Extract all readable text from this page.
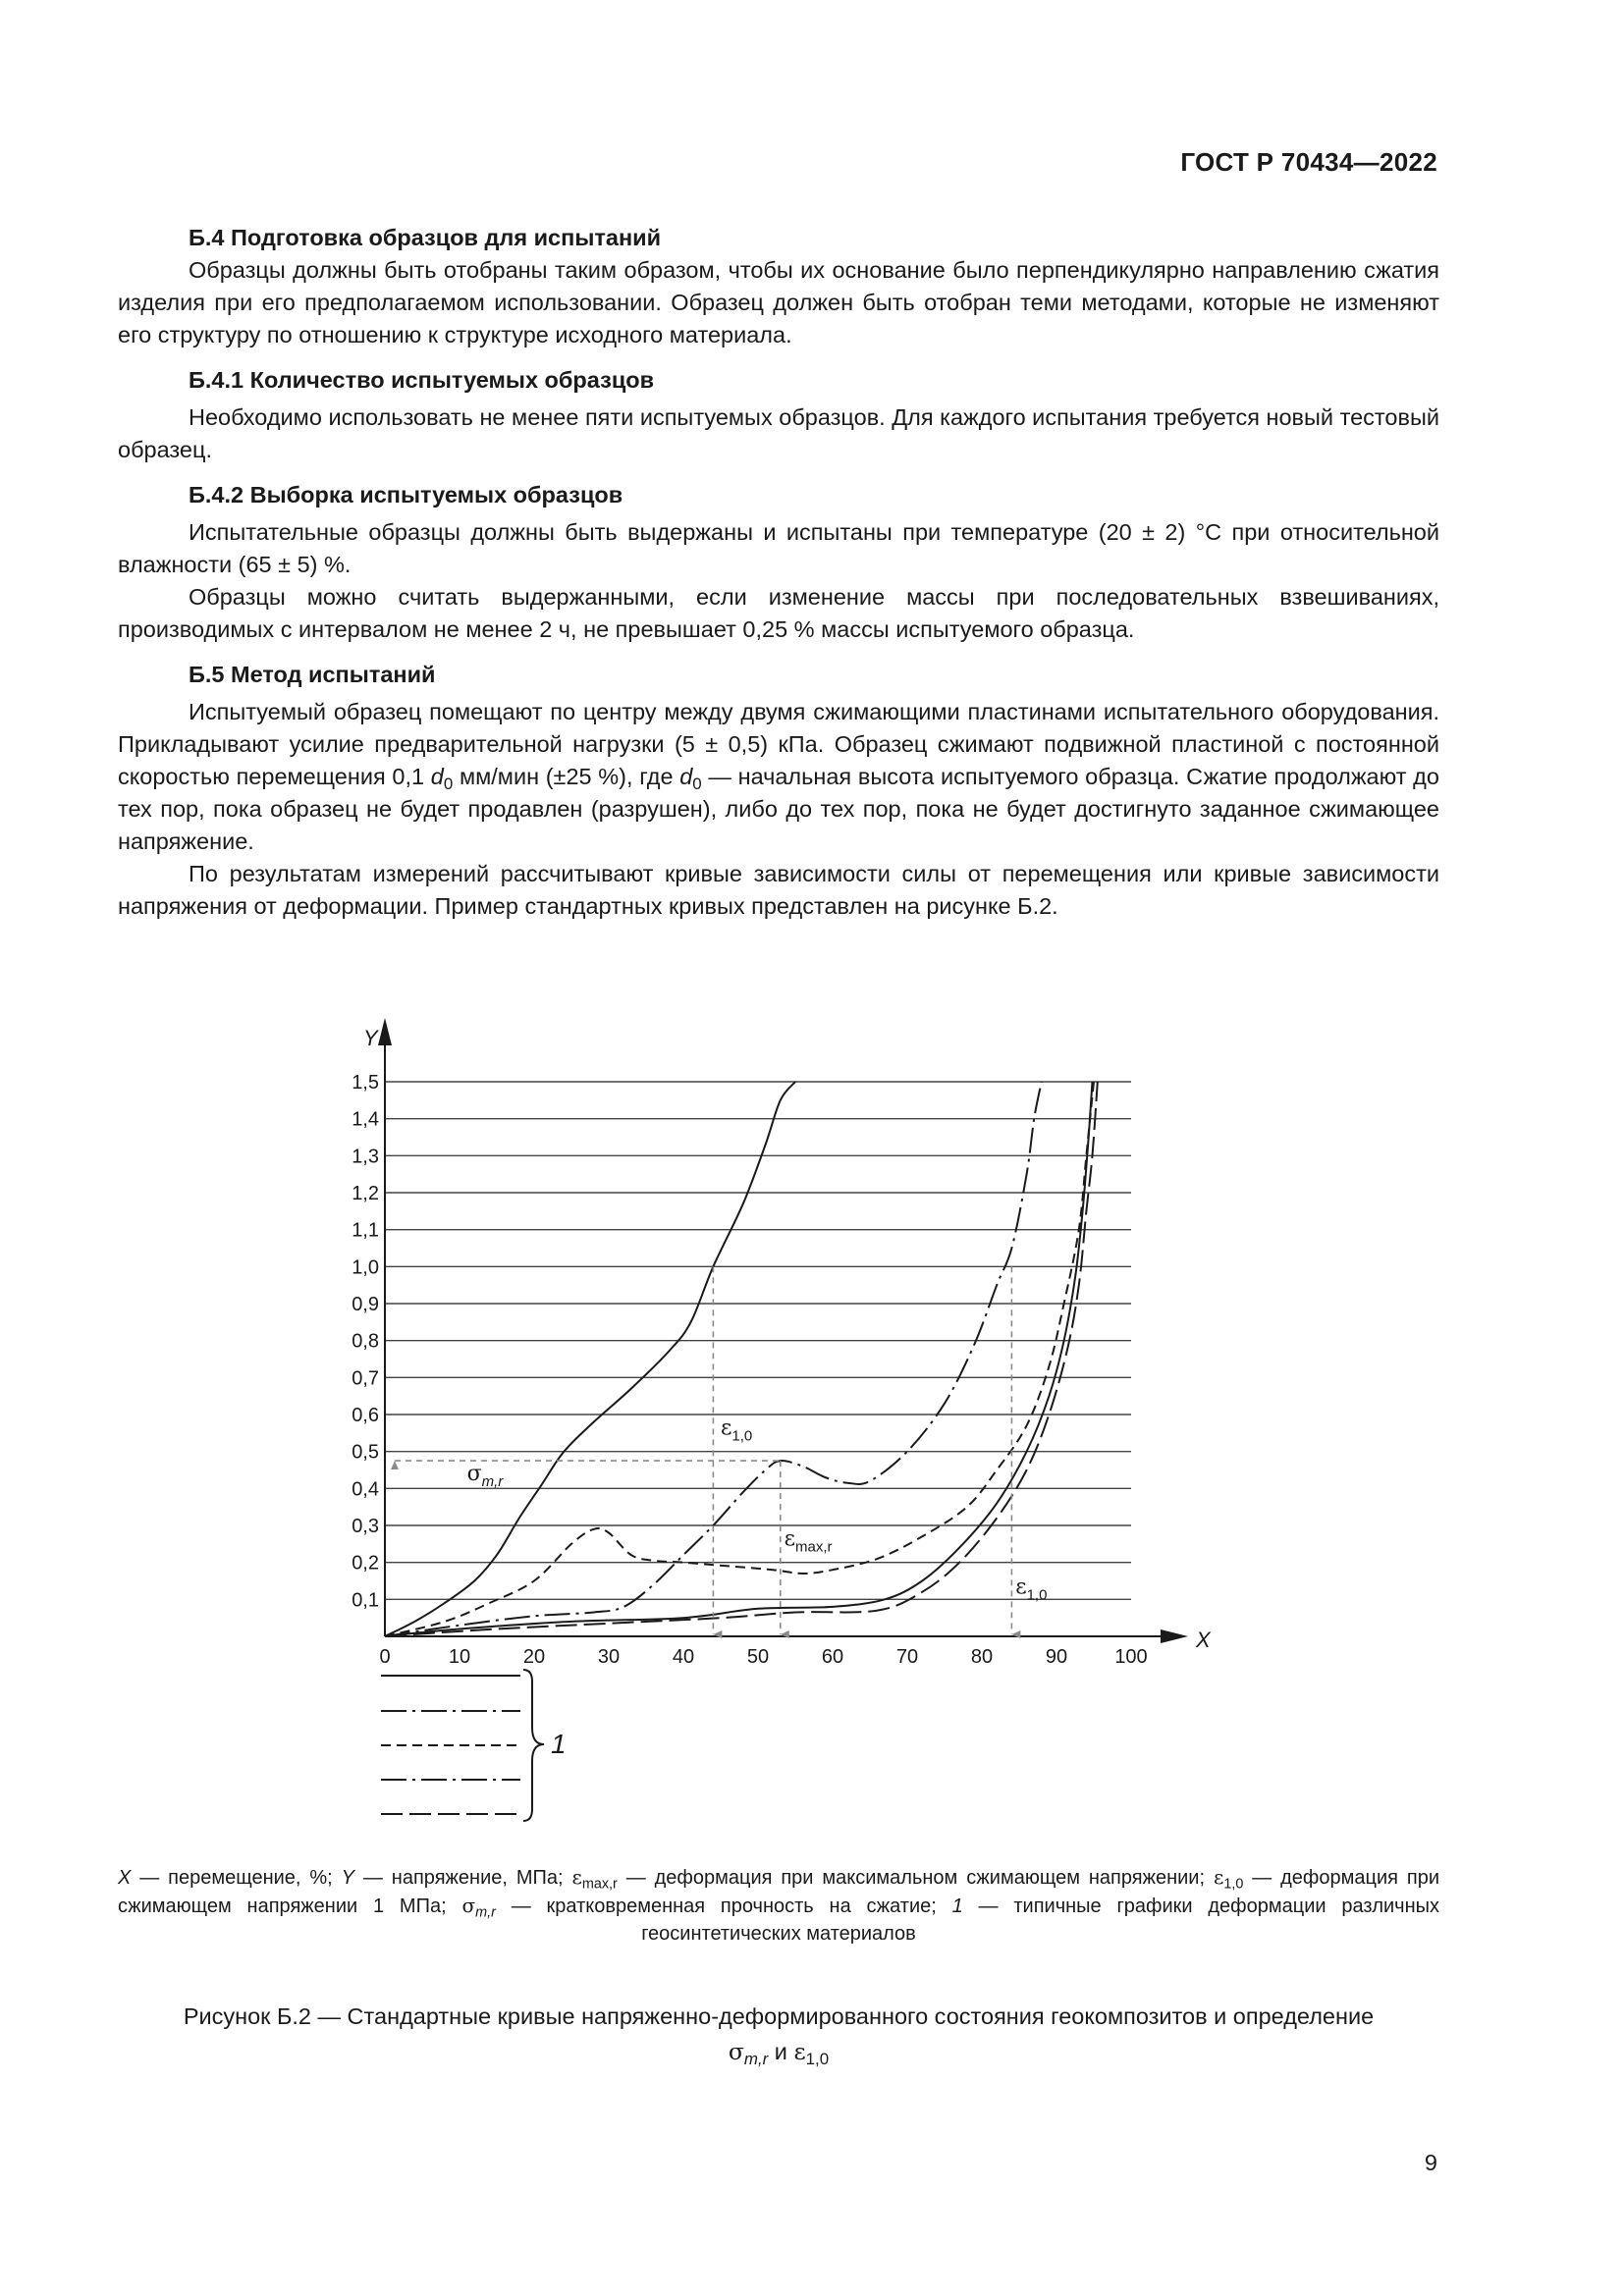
ГОСТ Р 70434—2022
Б.4 Подготовка образцов для испытаний

Образцы должны быть отобраны таким образом, чтобы их основание было перпендикулярно направлению сжатия изделия при его предполагаемом использовании. Образец должен быть отобран теми методами, которые не изменяют его структуру по отношению к структуре исходного материала.

Б.4.1 Количество испытуемых образцов

Необходимо использовать не менее пяти испытуемых образцов. Для каждого испытания требуется новый тестовый образец.

Б.4.2 Выборка испытуемых образцов

Испытательные образцы должны быть выдержаны и испытаны при температуре (20 ± 2) °С при относительной влажности (65 ± 5) %.

Образцы можно считать выдержанными, если изменение массы при последовательных взвешиваниях, производимых с интервалом не менее 2 ч, не превышает 0,25 % массы испытуемого образца.

Б.5 Метод испытаний

Испытуемый образец помещают по центру между двумя сжимающими пластинами испытательного оборудования. Прикладывают усилие предварительной нагрузки (5 ± 0,5) кПа. Образец сжимают подвижной пластиной с постоянной скоростью перемещения 0,1 $d_0$ мм/мин (±25 %), где $d_0$ — начальная высота испытуемого образца. Сжатие продолжают до тех пор, пока образец не будет продавлен (разрушен), либо до тех пор, пока не будет достигнуто заданное сжимающее напряжение.

По результатам измерений рассчитывают кривые зависимости силы от перемещения или кривые зависимости напряжения от деформации. Пример стандартных кривых представлен на рисунке Б.2.

0,1
0,2
0,3
0,4
0,5
0,6
0,7
0,8
0,9
1,0
1,1
1,2
1,3
1,4
1,5
0	10	20	30	40	50	60	70	80	90 100
X
Y
$\sigma_{m,r}$
$\varepsilon_{1,0}$
$\varepsilon_{max,r}$
$\varepsilon_{1,0}$
1
X — перемещение, %; Y — напряжение, МПа; $\varepsilon_{max,r}$ — деформация при максимальном сжимающем напряжении; $\varepsilon_{1,0}$ — деформация при сжимающем напряжении 1 МПа; $\sigma_{m,r}$ — кратковременная прочность на сжатие; 1 — типичные графики деформации различных геосинтетических материалов
Рисунок Б.2 — Стандартные кривые напряженно-деформированного состояния геокомпозитов и определение
$\sigma_{m,r}$ и $\varepsilon_{1,0}$
9
